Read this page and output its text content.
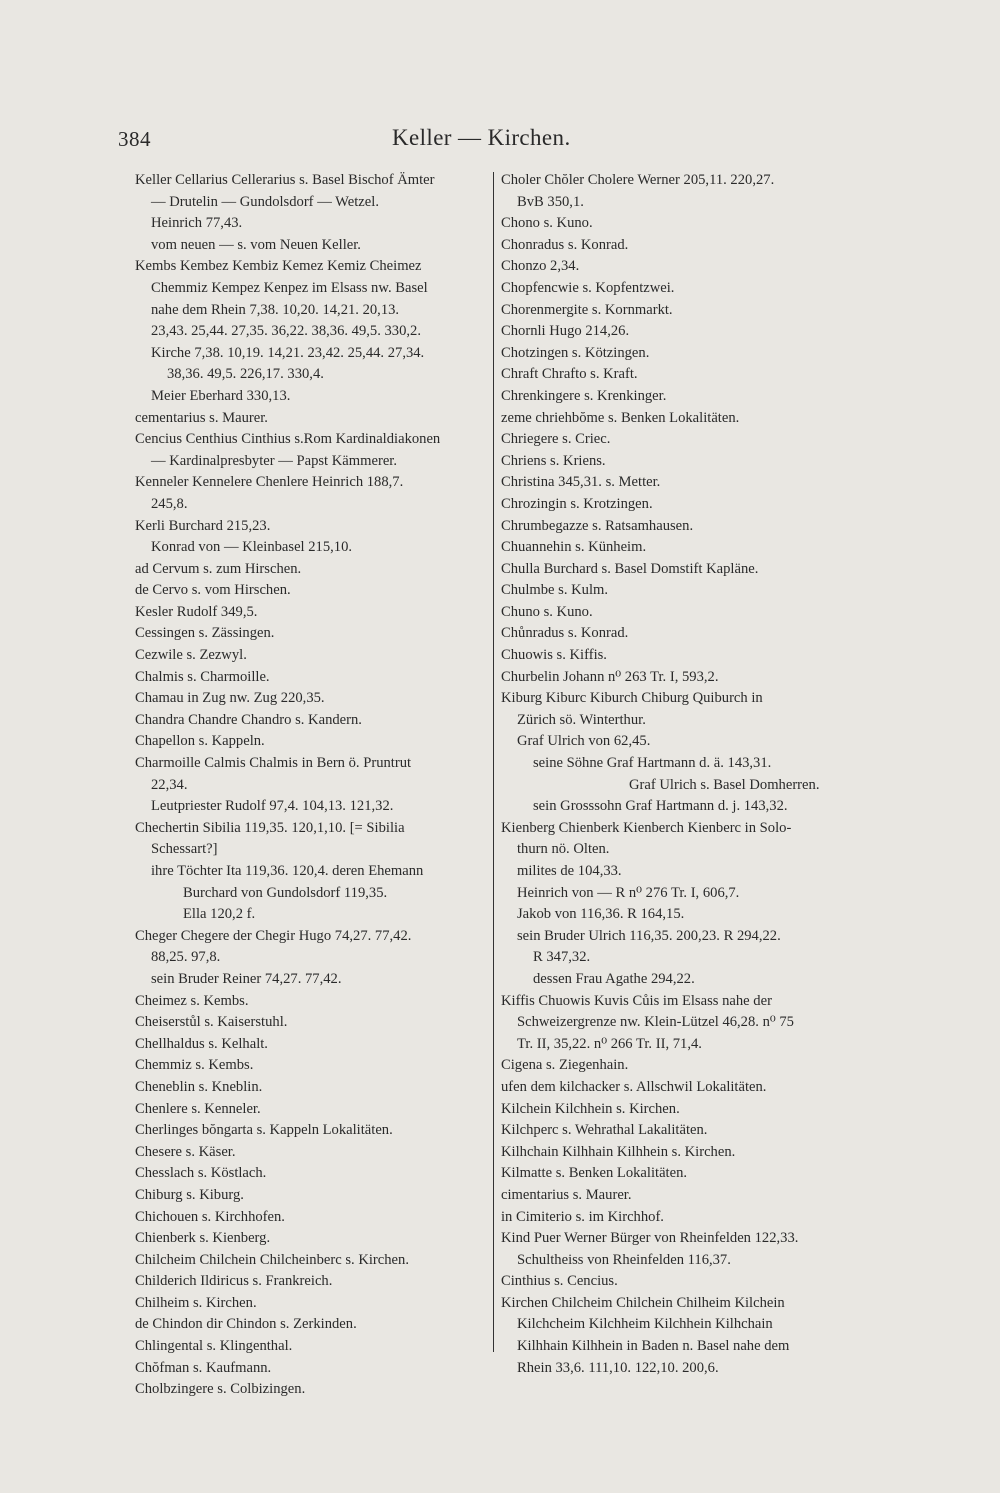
384	Keller — Kirchen.
Keller Cellarius Cellerarius s. Basel Bischof Ämter
— Drutelin — Gundolsdorf — Wetzel.
Heinrich 77,43.
vom neuen — s. vom Neuen Keller.
Kembs Kembez Kembiz Kemez Kemiz Cheimez
Chemmiz Kempez Kenpez im Elsass nw. Basel
nahe dem Rhein 7,38. 10,20. 14,21. 20,13.
23,43. 25,44. 27,35. 36,22. 38,36. 49,5. 330,2.
Kirche 7,38. 10,19. 14,21. 23,42. 25,44. 27,34.
38,36. 49,5. 226,17. 330,4.
Meier Eberhard 330,13.
cementarius s. Maurer.
Cencius Centhius Cinthius s.Rom Kardinaldiakonen
— Kardinalpresbyter — Papst Kämmerer.
Kenneler Kennelere Chenlere Heinrich 188,7.
245,8.
Kerli Burchard 215,23.
Konrad von — Kleinbasel 215,10.
ad Cervum s. zum Hirschen.
de Cervo s. vom Hirschen.
Kesler Rudolf 349,5.
Cessingen s. Zässingen.
Cezwile s. Zezwyl.
Chalmis s. Charmoille.
Chamau in Zug nw. Zug 220,35.
Chandra Chandre Chandro s. Kandern.
Chapellon s. Kappeln.
Charmoille Calmis Chalmis in Bern ö. Pruntrut
22,34.
Leutpriester Rudolf 97,4. 104,13. 121,32.
Chechertin Sibilia 119,35. 120,1,10. [= Sibilia
Schessart?]
ihre Töchter Ita 119,36. 120,4. deren Ehemann
Burchard von Gundolsdorf 119,35.
Ella 120,2 f.
Cheger Chegere der Chegir Hugo 74,27. 77,42.
88,25. 97,8.
sein Bruder Reiner 74,27. 77,42.
Cheimez s. Kembs.
Cheiserstůl s. Kaiserstuhl.
Chellhaldus s. Kelhalt.
Chemmiz s. Kembs.
Cheneblin s. Kneblin.
Chenlere s. Kenneler.
Cherlinges bŏngarta s. Kappeln Lokalitäten.
Chesere s. Käser.
Chesslach s. Köstlach.
Chiburg s. Kiburg.
Chichouen s. Kirchhofen.
Chienberk s. Kienberg.
Chilcheim Chilchein Chilcheinberc s. Kirchen.
Childerich Ildiricus s. Frankreich.
Chilheim s. Kirchen.
de Chindon dir Chindon s. Zerkinden.
Chlingental s. Klingenthal.
Chŏfman s. Kaufmann.
Cholbzingere s. Colbizingen.
Choler Chŏler Cholere Werner 205,11. 220,27.
BvB 350,1.
Chono s. Kuno.
Chonradus s. Konrad.
Chonzo 2,34.
Chopfencwie s. Kopfentzwei.
Chorenmergite s. Kornmarkt.
Chornli Hugo 214,26.
Chotzingen s. Kötzingen.
Chraft Chrafto s. Kraft.
Chrenkingere s. Krenkinger.
zeme chriehbŏme s. Benken Lokalitäten.
Chriegere s. Criec.
Chriens s. Kriens.
Christina 345,31. s. Metter.
Chrozingin s. Krotzingen.
Chrumbegazze s. Ratsamhausen.
Chuannehin s. Künheim.
Chulla Burchard s. Basel Domstift Kapläne.
Chulmbe s. Kulm.
Chuno s. Kuno.
Chůnradus s. Konrad.
Chuowis s. Kiffis.
Churbelin Johann n⁰ 263 Tr. I, 593,2.
Kiburg Kiburc Kiburch Chiburg Quiburch in
Zürich sö. Winterthur.
Graf Ulrich von 62,45.
seine Söhne Graf Hartmann d. ä. 143,31.
Graf Ulrich s. Basel Domherren.
sein Grosssohn Graf Hartmann d. j. 143,32.
Kienberg Chienberk Kienberch Kienberc in Solo-
thurn nö. Olten.
milites de 104,33.
Heinrich von — R n⁰ 276 Tr. I, 606,7.
Jakob von 116,36. R 164,15.
sein Bruder Ulrich 116,35. 200,23. R 294,22.
R 347,32.
dessen Frau Agathe 294,22.
Kiffis Chuowis Kuvis Cůis im Elsass nahe der
Schweizergrenze nw. Klein-Lützel 46,28. n⁰ 75
Tr. II, 35,22. n⁰ 266 Tr. II, 71,4.
Cigena s. Ziegenhain.
ufen dem kilchacker s. Allschwil Lokalitäten.
Kilchein Kilchhein s. Kirchen.
Kilchperc s. Wehrathal Lakalitäten.
Kilhchain Kilhhain Kilhhein s. Kirchen.
Kilmatte s. Benken Lokalitäten.
cimentarius s. Maurer.
in Cimiterio s. im Kirchhof.
Kind Puer Werner Bürger von Rheinfelden 122,33.
Schultheiss von Rheinfelden 116,37.
Cinthius s. Cencius.
Kirchen Chilcheim Chilchein Chilheim Kilchein
Kilchcheim Kilchheim Kilchhein Kilhchain
Kilhhain Kilhhein in Baden n. Basel nahe dem
Rhein 33,6. 111,10. 122,10. 200,6.
